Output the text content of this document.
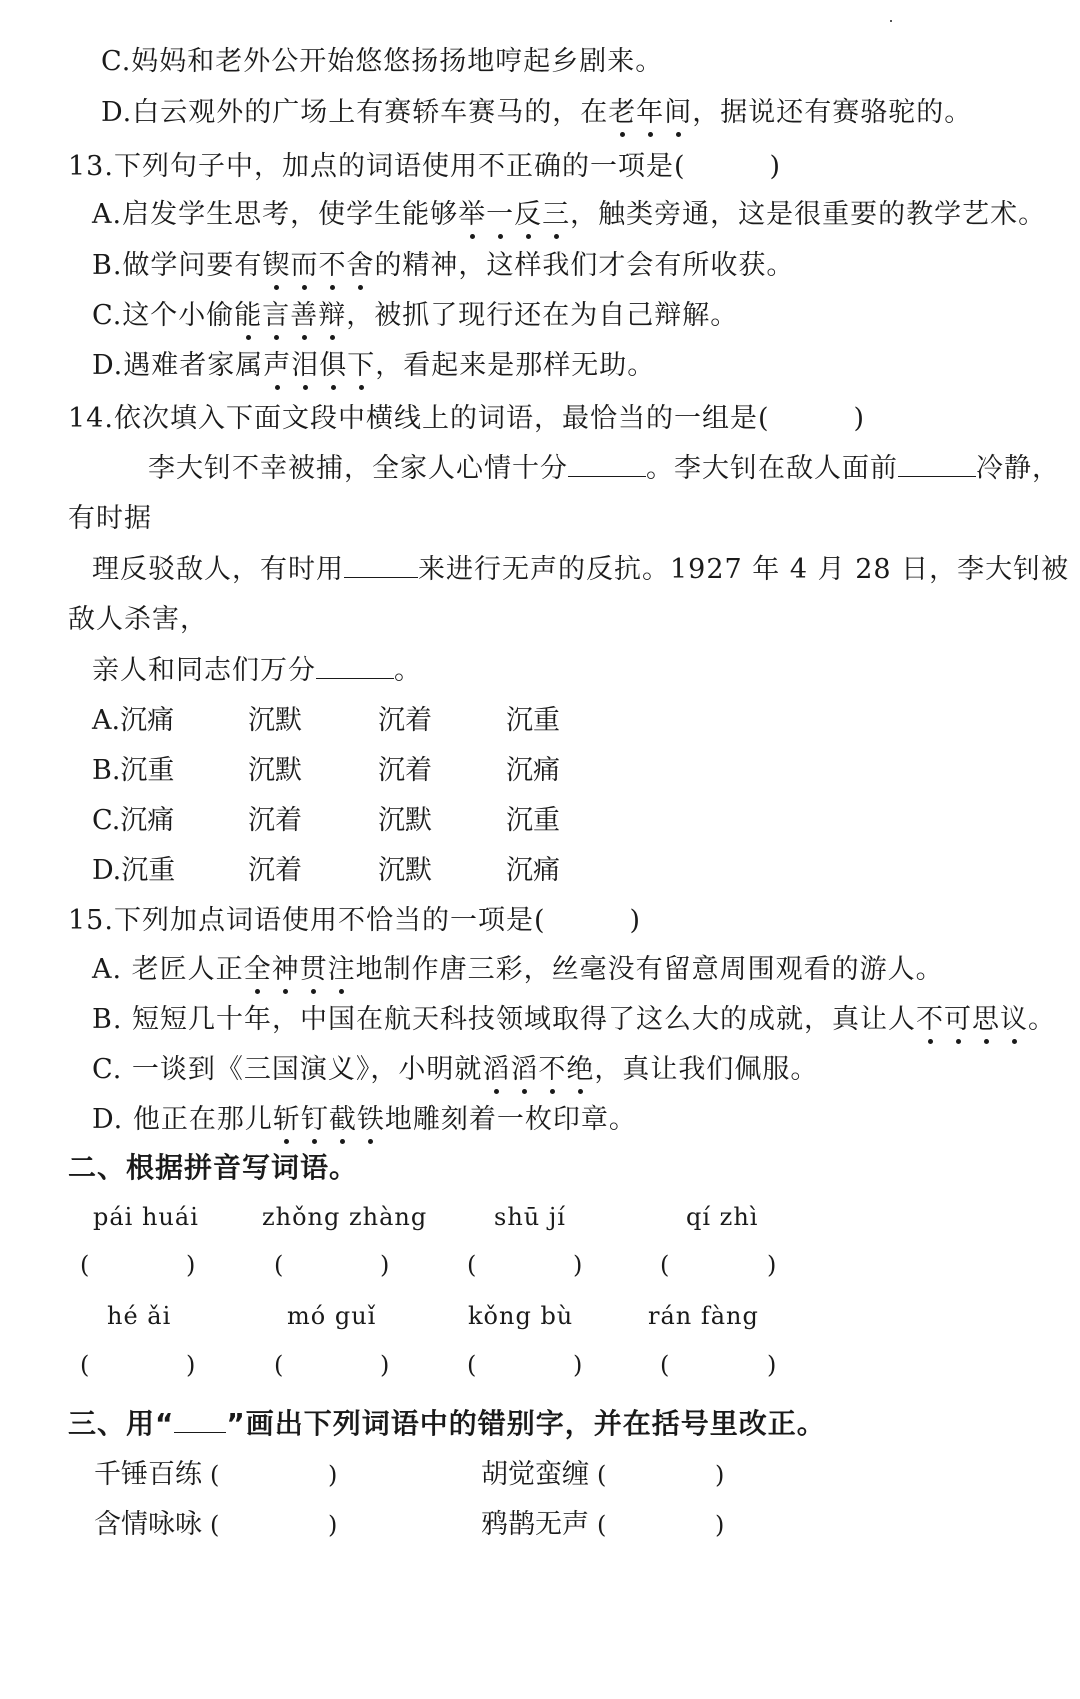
C.妈妈和老外公开始悠悠扬扬地哼起乡剧来。
D.白云观外的广场上有赛轿车赛马的，在老年间，据说还有赛骆驼的。
13.下列句子中，加点的词语使用不正确的一项是(　　　)
A.启发学生思考，使学生能够举一反三，触类旁通，这是很重要的教学艺术。
B.做学问要有锲而不舍的精神，这样我们才会有所收获。
C.这个小偷能言善辩，被抓了现行还在为自己辩解。
D.遇难者家属声泪俱下，看起来是那样无助。
14.依次填入下面文段中横线上的词语，最恰当的一组是(　　　)
李大钊不幸被捕，全家人心情十分	。李大钊在敌人面前	冷静，
有时据
理反驳敌人，有时用	来进行无声的反抗。1927 年 4 月 28 日，李大钊被
敌人杀害，
亲人和同志们万分	。
A.沉痛	沉默	沉着	沉重
B.沉重	沉默	沉着	沉痛
C.沉痛	沉着	沉默	沉重
D.沉重	沉着	沉默	沉痛
15.下列加点词语使用不恰当的一项是(　　　)
A. 老匠人正全神贯注地制作唐三彩，丝毫没有留意周围观看的游人。
B. 短短几十年，中国在航天科技领域取得了这么大的成就，真让人不可思议。
C. 一谈到《三国演义》，小明就滔滔不绝，真让我们佩服。
D. 他正在那儿斩钉截铁地雕刻着一枚印章。
二、根据拼音写词语。
pái huái	zhǒng zhàng	shū jí	qí zhì
(	)	(	)	(	)	(	)
hé ǎi	mó guǐ	kǒng bù	rán fàng
(	)	(	)	(	)	(	)
三、用“ ”画出下列词语中的错别字，并在括号里改正。
千锤百练 (	)	胡觉蛮缠 (	)
含情咏咏 (	)	鸦鹊无声 (	)
